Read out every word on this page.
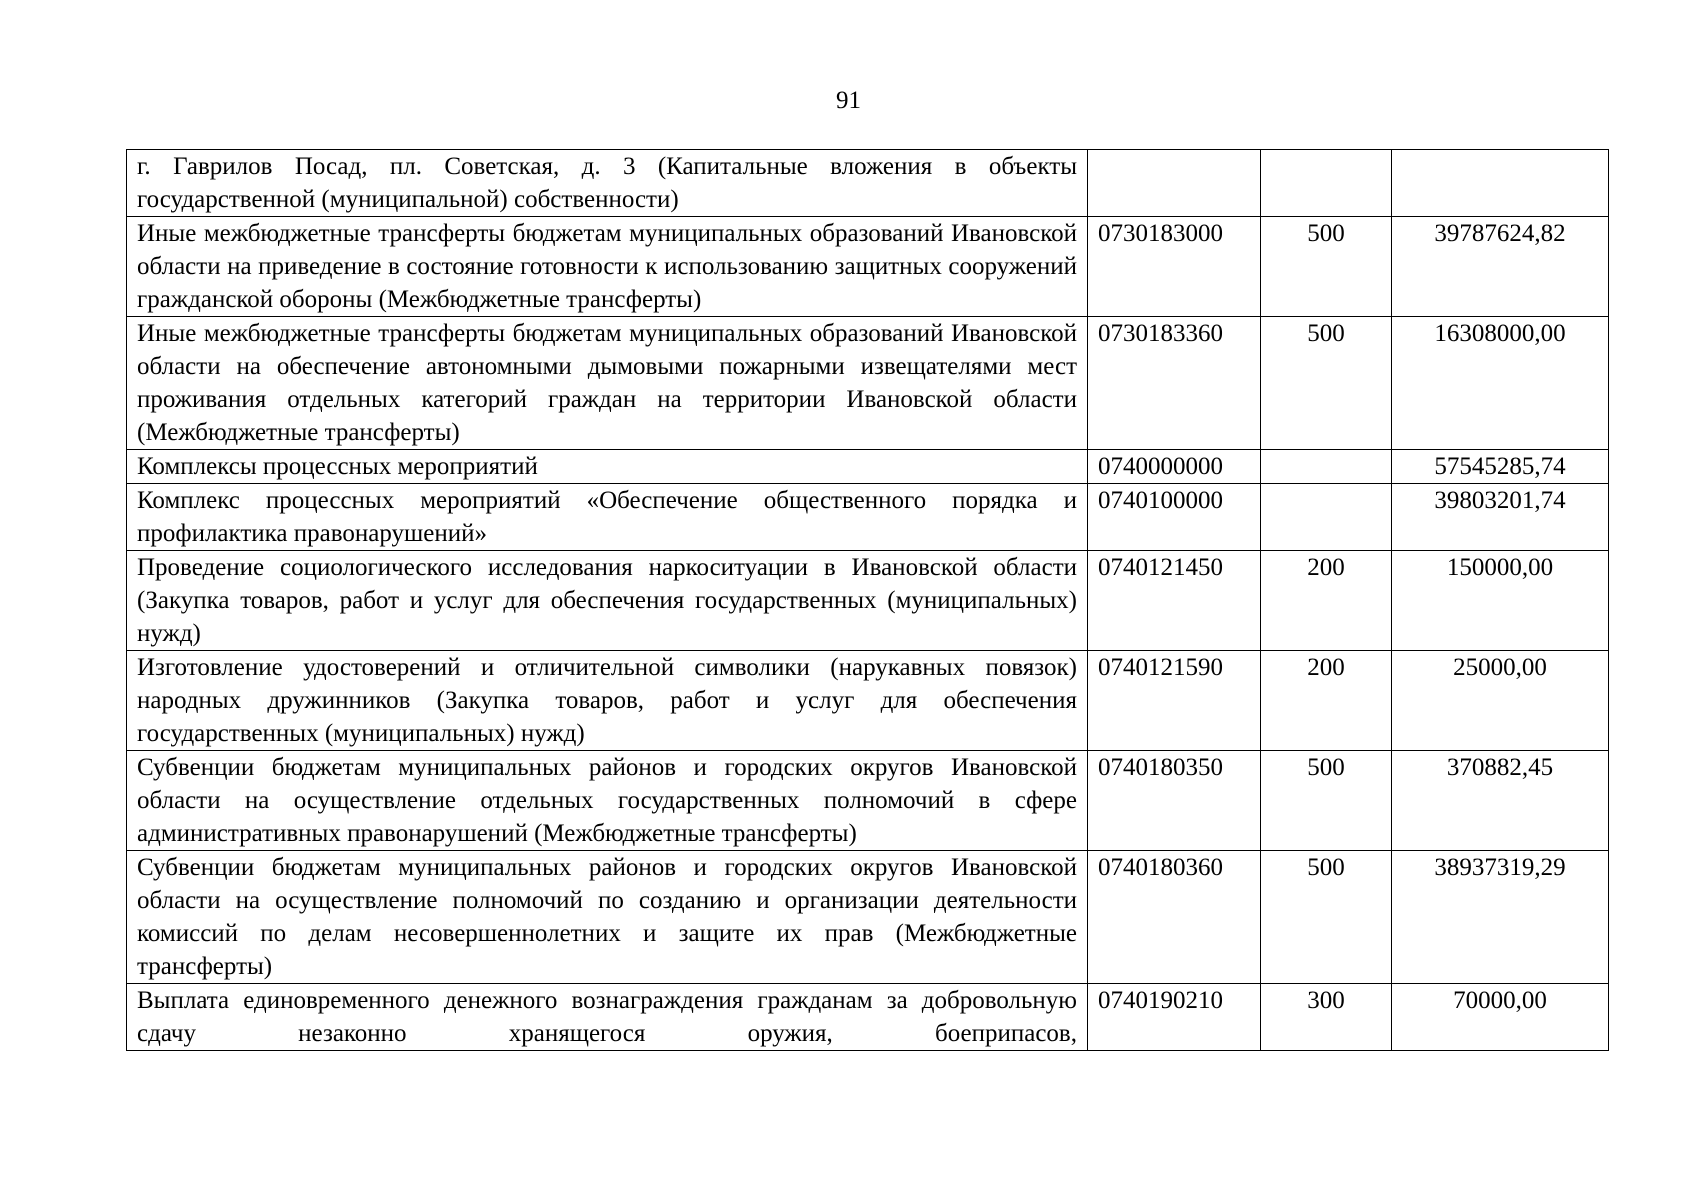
91
г. Гаврилов Посад, пл. Советская, д. 3 (Капитальные вложения в объекты государственной (муниципальной) собственности)			
Иные межбюджетные трансферты бюджетам муниципальных образований Ивановской области на приведение в состояние готовности к использованию защитных сооружений гражданской обороны (Межбюджетные трансферты)	0730183000	500	39787624,82
Иные межбюджетные трансферты бюджетам муниципальных образований Ивановской области на обеспечение автономными дымовыми пожарными извещателями мест проживания отдельных категорий граждан на территории Ивановской области (Межбюджетные трансферты)	0730183360	500	16308000,00
Комплексы процессных мероприятий	0740000000		57545285,74
Комплекс процессных мероприятий «Обеспечение общественного порядка и профилактика правонарушений»	0740100000		39803201,74
Проведение социологического исследования наркоситуации в Ивановской области (Закупка товаров, работ и услуг для обеспечения государственных (муниципальных) нужд)	0740121450	200	150000,00
Изготовление удостоверений и отличительной символики (нарукавных повязок) народных дружинников (Закупка товаров, работ и услуг для обеспечения государственных (муниципальных) нужд)	0740121590	200	25000,00
Субвенции бюджетам муниципальных районов и городских округов Ивановской области на осуществление отдельных государственных полномочий в сфере административных правонарушений (Межбюджетные трансферты)	0740180350	500	370882,45
Субвенции бюджетам муниципальных районов и городских округов Ивановской области на осуществление полномочий по созданию и организации деятельности комиссий по делам несовершеннолетних и защите их прав (Межбюджетные трансферты)	0740180360	500	38937319,29
Выплата единовременного денежного вознаграждения гражданам за добровольную сдачу незаконно хранящегося оружия, боеприпасов,	0740190210	300	70000,00
